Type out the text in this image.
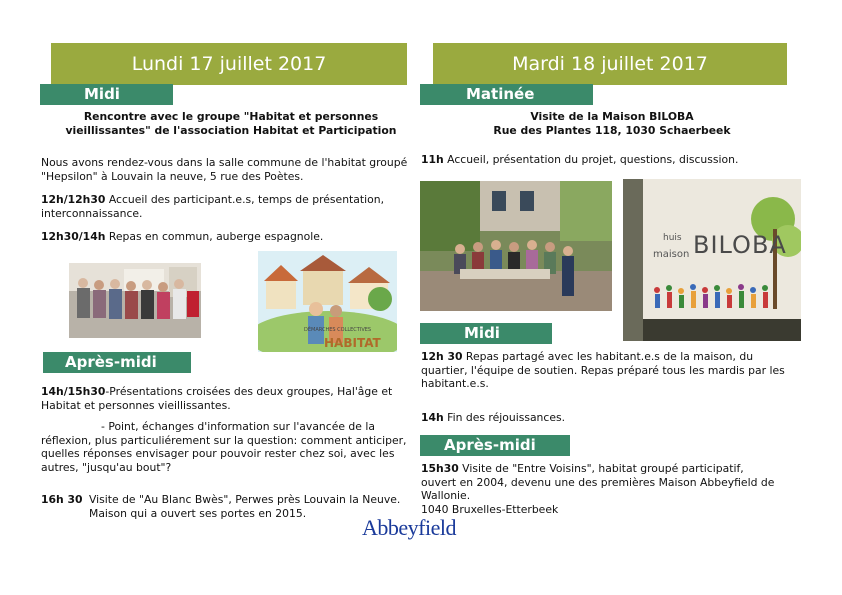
Lundi 17 juillet 2017
Midi
Rencontre avec le groupe "Habitat et personnes
vieillissantes" de l'association Habitat et Participation
Nous avons rendez-vous dans la salle commune de l'habitat groupé
"Hepsilon" à Louvain la neuve, 5 rue des Poètes.
12h/12h30 Accueil des participant.e.s, temps de présentation,
interconnaissance.
12h30/14h Repas en commun, auberge espagnole.
DÉMARCHES COLLECTIVES
HABITAT
Après-midi
14h/15h30-Présentations croisées des deux groupes, Hal'âge et
Habitat et personnes vieillissantes.
- Point, échanges d'information sur l'avancée de la
réflexion, plus particuliérement sur la question: comment anticiper,
quelles réponses envisager pour pouvoir rester chez soi, avec les
autres, "jusqu'au bout"?
16h 30 Visite de "Au Blanc Bwès", Perwes près Louvain la Neuve.
Maison qui a ouvert ses portes en 2015.
Mardi 18 juillet 2017
Matinée
Visite de la Maison BILOBA
Rue des Plantes 118, 1030 Schaerbeek
11h Accueil, présentation du projet, questions, discussion.
huis
maison BILOBA
Midi
12h 30 Repas partagé avec les habitant.e.s de la maison, du
quartier, l'équipe de soutien. Repas préparé tous les mardis par les
habitant.e.s.
14h Fin des réjouissances.
Après-midi
15h30 Visite de "Entre Voisins", habitat groupé participatif,
ouvert en 2004, devenu une des premières Maison Abbeyfield de
Wallonie.
1040 Bruxelles-Etterbeek
Abbeyfield
